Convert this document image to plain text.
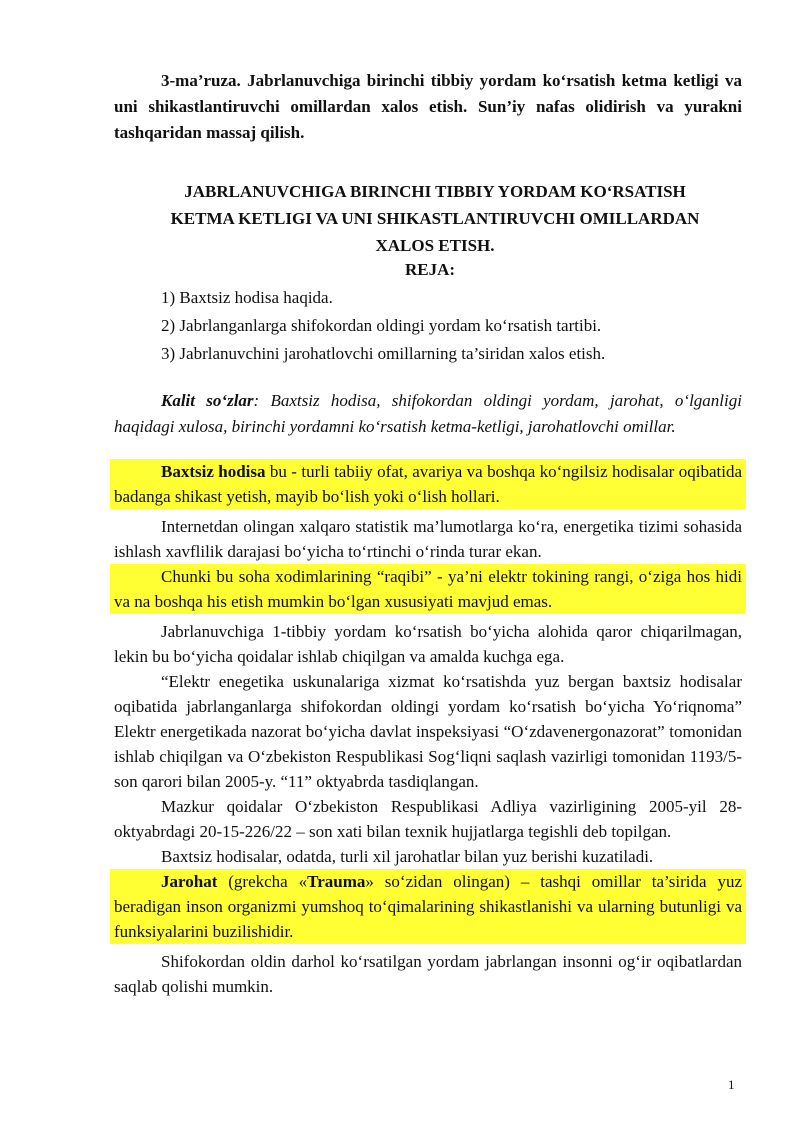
3-ma’ruza. Jabrlanuvchiga birinchi tibbiy yordam ko‘rsatish ketma ketligi va uni shikastlantiruvchi omillardan xalos etish. Sun’iy nafas olidirish va yurakni tashqaridan massaj qilish.

JABRLANUVCHIGA BIRINCHI TIBBIY YORDAM KO‘RSATISH

KETMA KETLIGI VA UNI SHIKASTLANTIRUVCHI OMILLARDAN

XALOS ETISH.

REJA:

1) Baxtsiz hodisa haqida.
2) Jabrlanganlarga shifokordan oldingi yordam ko‘rsatish tartibi.
3) Jabrlanuvchini jarohatlovchi omillarning ta’siridan xalos etish.

Kalit so‘zlar: Baxtsiz hodisa, shifokordan oldingi yordam, jarohat, o‘lganligi haqidagi xulosa, birinchi yordamni ko‘rsatish ketma-ketligi, jarohatlovchi omillar.

Baxtsiz hodisa bu - turli tabiiy ofat, avariya va boshqa ko‘ngilsiz hodisalar oqibatida badanga shikast yetish, mayib bo‘lish yoki o‘lish hollari.

Internetdan olingan xalqaro statistik ma’lumotlarga ko‘ra, energetika tizimi sohasida ishlash xavflilik darajasi bo‘yicha to‘rtinchi o‘rinda turar ekan.

Chunki bu soha xodimlarining “raqibi” - ya’ni elektr tokining rangi, o‘ziga hos hidi va na boshqa his etish mumkin bo‘lgan xususiyati mavjud emas.

Jabrlanuvchiga 1-tibbiy yordam ko‘rsatish bo‘yicha alohida qaror chiqarilmagan, lekin bu bo‘yicha qoidalar ishlab chiqilgan va amalda kuchga ega.

“Elektr enegetika uskunalariga xizmat ko‘rsatishda yuz bergan baxtsiz hodisalar oqibatida jabrlanganlarga shifokordan oldingi yordam ko‘rsatish bo‘yicha Yo‘riqnoma” Elektr energetikada nazorat bo‘yicha davlat inspeksiyasi “O‘zdavenergonazorat” tomonidan ishlab chiqilgan va O‘zbekiston Respublikasi Sog‘liqni saqlash vazirligi tomonidan 1193/5- son qarori bilan 2005-y. “11” oktyabrda tasdiqlangan.

Mazkur qoidalar O‘zbekiston Respublikasi Adliya vazirligining 2005-yil 28-oktyabrdagi 20-15-226/22 – son xati bilan texnik hujjatlarga tegishli deb topilgan.

Baxtsiz hodisalar, odatda, turli xil jarohatlar bilan yuz berishi kuzatiladi.

Jarohat (grekcha «Trauma» so‘zidan olingan) – tashqi omillar ta’sirida yuz beradigan inson organizmi yumshoq to‘qimalarining shikastlanishi va ularning butunligi va funksiyalarini buzilishidir.

Shifokordan oldin darhol ko‘rsatilgan yordam jabrlangan insonni og‘ir oqibatlardan saqlab qolishi mumkin.

1
